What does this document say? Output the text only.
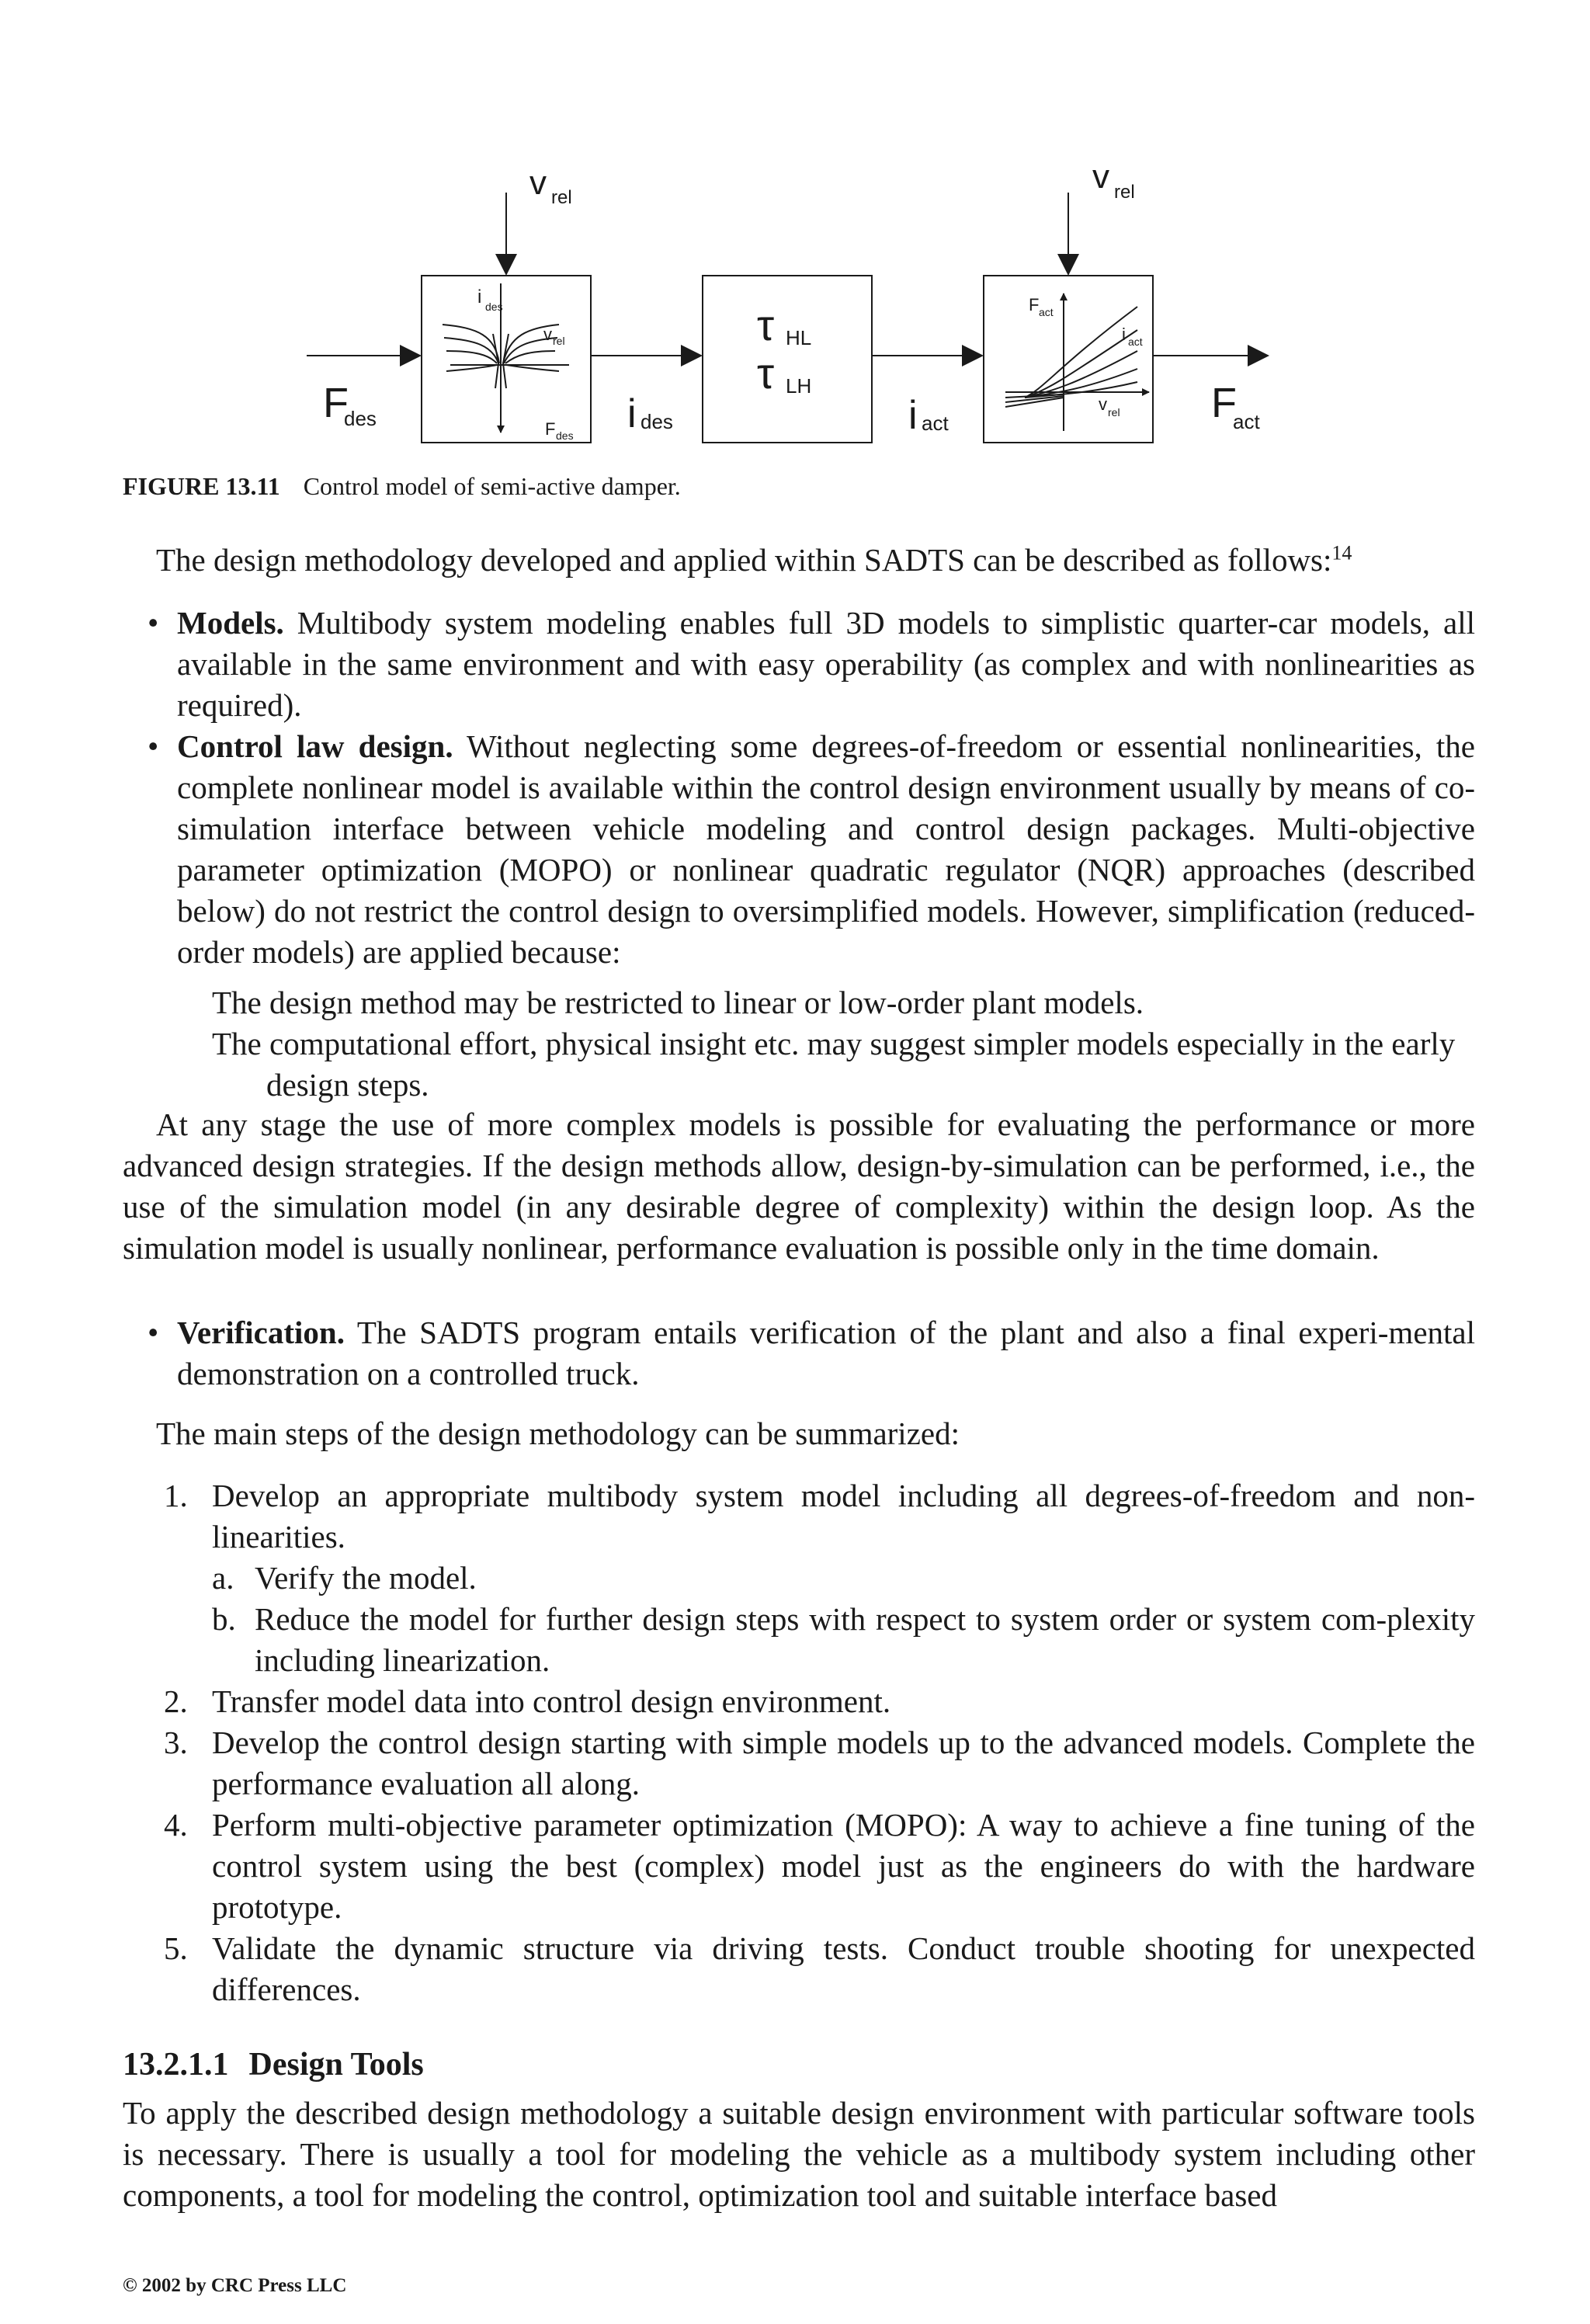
v rel
v rel
F
des	i des
τ HL
τ LH
i act	F
act
i des
v rel
F des
F act
i act
v rel
FIGURE 13.11 Control model of semi-active damper.
The design methodology developed and applied within SADTS can be described as follows:$^{14}$
• Models. Multibody system modeling enables full 3D models to simplistic quarter-car models, all available in the same environment and with easy operability (as complex and with nonlinearities as required).
• Control law design. Without neglecting some degrees-of-freedom or essential nonlinearities, the complete nonlinear model is available within the control design environment usually by means of co-simulation interface between vehicle modeling and control design packages. Multi-objective parameter optimization (MOPO) or nonlinear quadratic regulator (NQR) approaches (described below) do not restrict the control design to oversimplified models. However, simplification (reduced-order models) are applied because:
The design method may be restricted to linear or low-order plant models.
The computational effort, physical insight etc. may suggest simpler models especially in the early design steps.
At any stage the use of more complex models is possible for evaluating the performance or more advanced design strategies. If the design methods allow, design-by-simulation can be performed, i.e., the use of the simulation model (in any desirable degree of complexity) within the design loop. As the simulation model is usually nonlinear, performance evaluation is possible only in the time domain.
• Verification. The SADTS program entails verification of the plant and also a final experi-mental demonstration on a controlled truck.
The main steps of the design methodology can be summarized:
1. Develop an appropriate multibody system model including all degrees-of-freedom and non-linearities.
a. Verify the model.
b. Reduce the model for further design steps with respect to system order or system com-plexity including linearization.
2. Transfer model data into control design environment.
3. Develop the control design starting with simple models up to the advanced models. Complete the performance evaluation all along.
4. Perform multi-objective parameter optimization (MOPO): A way to achieve a fine tuning of the control system using the best (complex) model just as the engineers do with the hardware prototype.
5. Validate the dynamic structure via driving tests. Conduct trouble shooting for unexpected differences.
13.2.1.1 Design Tools
To apply the described design methodology a suitable design environment with particular software tools is necessary. There is usually a tool for modeling the vehicle as a multibody system including other components, a tool for modeling the control, optimization tool and suitable interface based
© 2002 by CRC Press LLC
